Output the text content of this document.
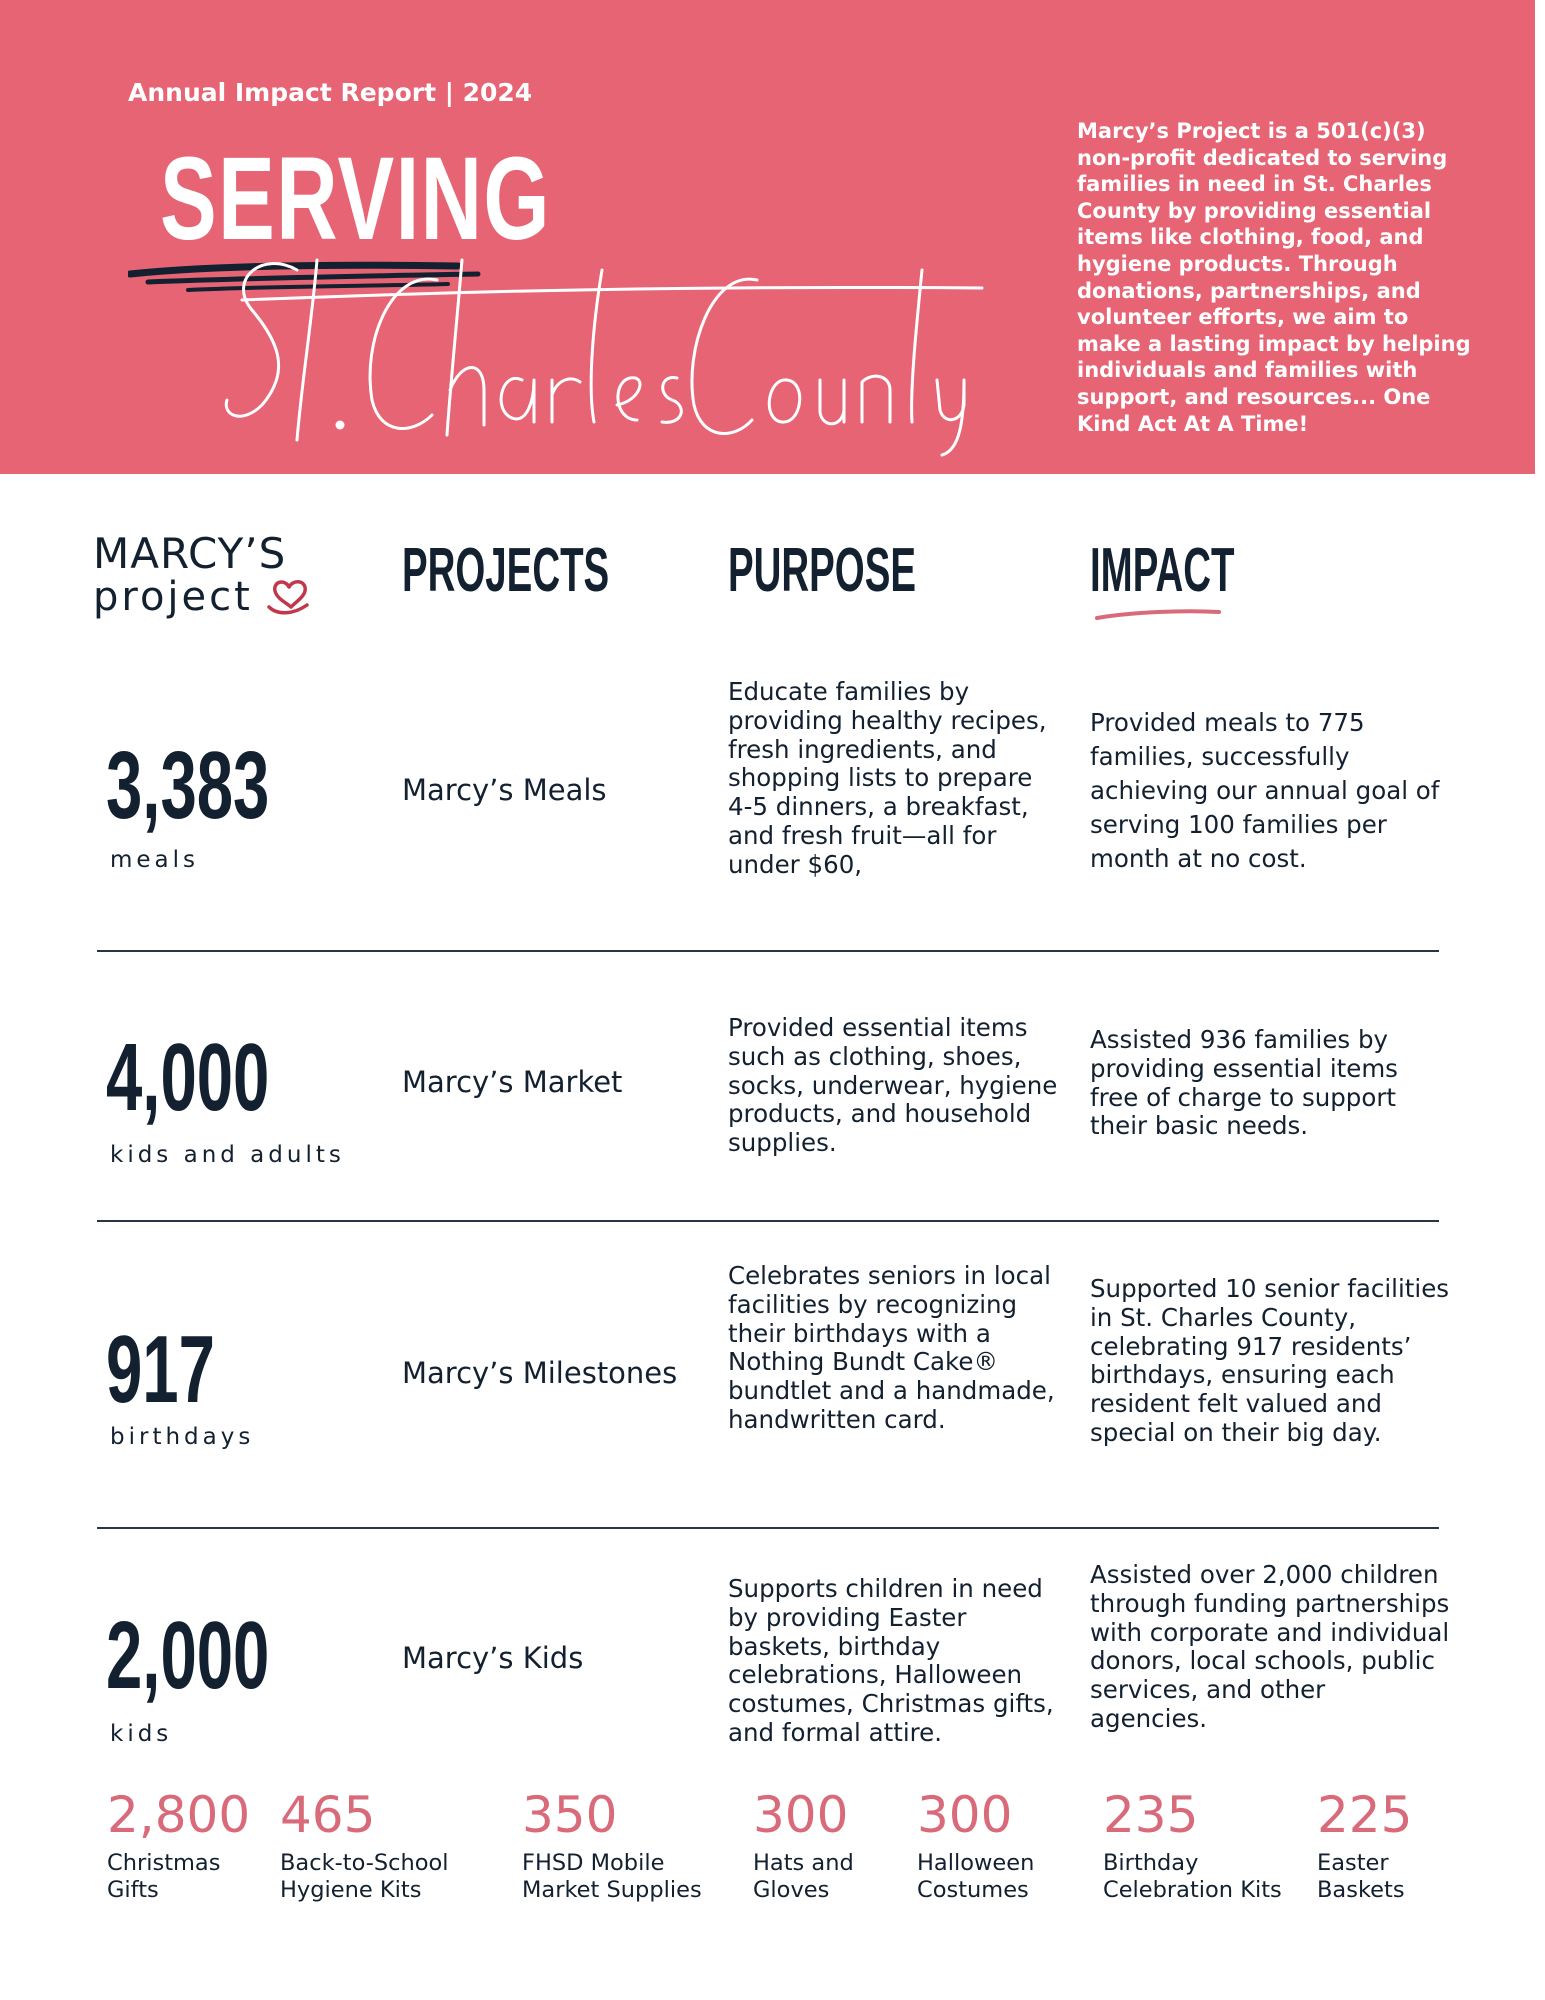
Annual Impact Report | 2024
SERVING
Marcy’s Project is a 501(c)(3) non-profit dedicated to serving families in need in St. Charles County by providing essential items like clothing, food, and hygiene products. Through donations, partnerships, and volunteer efforts, we aim to make a lasting impact by helping individuals and families with support, and resources... One Kind Act At A Time!
MARCY’S
project	PROJECTS PURPOSE	IMPACT
3,383
meals
Marcy’s Meals
Educate families by providing healthy recipes, fresh ingredients, and shopping lists to prepare 4-5 dinners, a breakfast, and fresh fruit—all for under $60,
Provided meals to 775 families, successfully achieving our annual goal of serving 100 families per month at no cost.
4,000
kids and adults
Marcy’s Market
Provided essential items such as clothing, shoes, socks, underwear, hygiene products, and household supplies.
Assisted 936 families by providing essential items free of charge to support their basic needs.
917
birthdays
Marcy’s Milestones
Celebrates seniors in local facilities by recognizing their birthdays with a Nothing Bundt Cake® bundtlet and a handmade, handwritten card.
Supported 10 senior facilities in St. Charles County, celebrating 917 residents’ birthdays, ensuring each resident felt valued and special on their big day.
2,000
kids
Marcy’s Kids
Supports children in need by providing Easter baskets, birthday celebrations, Halloween costumes, Christmas gifts, and formal attire.
Assisted over 2,000 children through funding partnerships with corporate and individual donors, local schools, public services, and other agencies.
2,800
Christmas
Gifts
465
Back-to-School
Hygiene Kits
350
FHSD Mobile
Market Supplies
300
Hats and
Gloves
300
Halloween
Costumes
235
Birthday
Celebration Kits
225
Easter
Baskets
